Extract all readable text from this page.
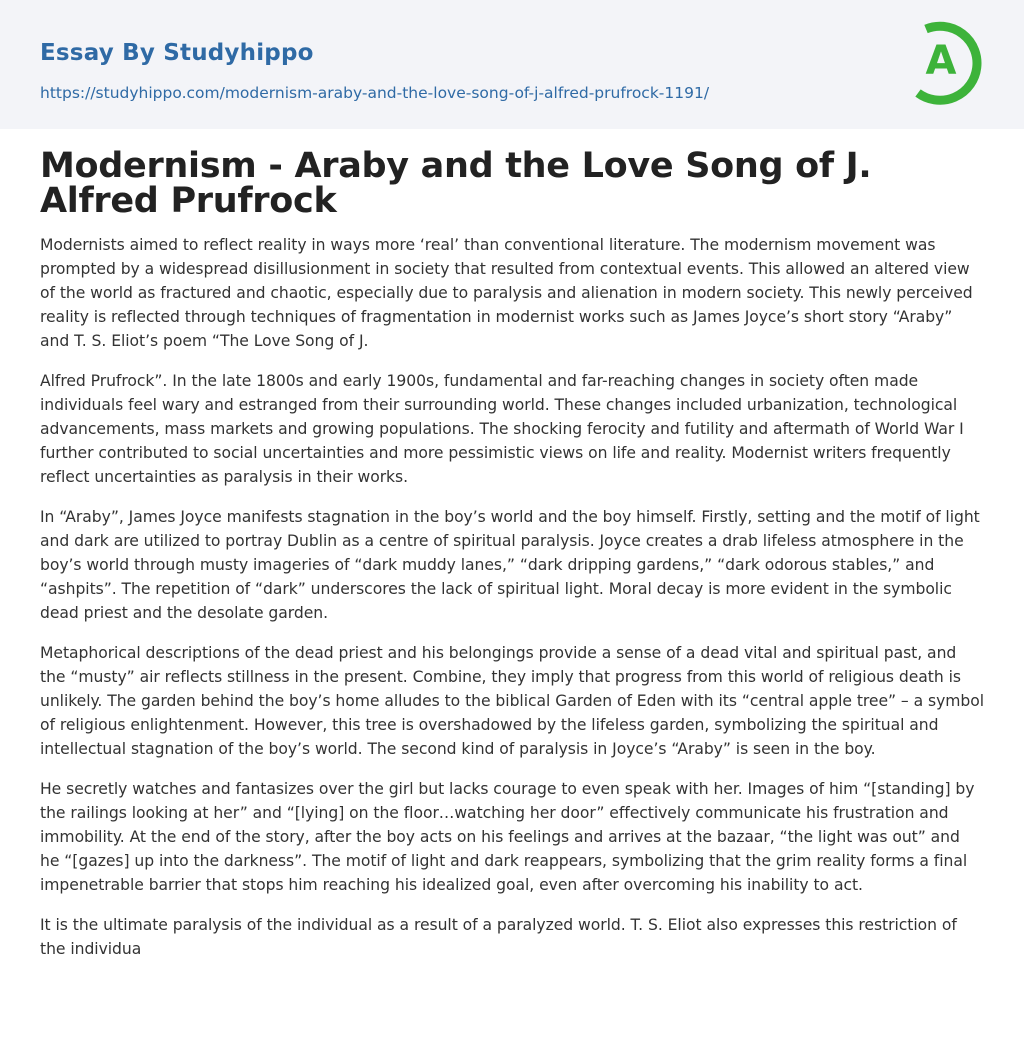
Essay By Studyhippo
https://studyhippo.com/modernism-araby-and-the-love-song-of-j-alfred-prufrock-1191/
A
Modernism - Araby and the Love Song of J. Alfred Prufrock

Modernists aimed to reflect reality in ways more ‘real’ than conventional literature. The modernism movement was prompted by a widespread disillusionment in society that resulted from contextual events. This allowed an altered view of the world as fractured and chaotic, especially due to paralysis and alienation in modern society. This newly perceived reality is reflected through techniques of fragmentation in modernist works such as James Joyce’s short story “Araby” and T. S. Eliot’s poem “The Love Song of J.

Alfred Prufrock”. In the late 1800s and early 1900s, fundamental and far-reaching changes in society often made individuals feel wary and estranged from their surrounding world. These changes included urbanization, technological advancements, mass markets and growing populations. The shocking ferocity and futility and aftermath of World War I further contributed to social uncertainties and more pessimistic views on life and reality. Modernist writers frequently reflect uncertainties as paralysis in their works.

In “Araby”, James Joyce manifests stagnation in the boy’s world and the boy himself. Firstly, setting and the motif of light and dark are utilized to portray Dublin as a centre of spiritual paralysis. Joyce creates a drab lifeless atmosphere in the boy’s world through musty imageries of “dark muddy lanes,” “dark dripping gardens,” “dark odorous stables,” and “ashpits”. The repetition of “dark” underscores the lack of spiritual light. Moral decay is more evident in the symbolic dead priest and the desolate garden.

Metaphorical descriptions of the dead priest and his belongings provide a sense of a dead vital and spiritual past, and the “musty” air reflects stillness in the present. Combine, they imply that progress from this world of religious death is unlikely. The garden behind the boy’s home alludes to the biblical Garden of Eden with its “central apple tree” – a symbol of religious enlightenment. However, this tree is overshadowed by the lifeless garden, symbolizing the spiritual and intellectual stagnation of the boy’s world. The second kind of paralysis in Joyce’s “Araby” is seen in the boy.

He secretly watches and fantasizes over the girl but lacks courage to even speak with her. Images of him “[standing] by the railings looking at her” and “[lying] on the floor…watching her door” effectively communicate his frustration and immobility. At the end of the story, after the boy acts on his feelings and arrives at the bazaar, “the light was out” and he “[gazes] up into the darkness”. The motif of light and dark reappears, symbolizing that the grim reality forms a final impenetrable barrier that stops him reaching his idealized goal, even after overcoming his inability to act.

It is the ultimate paralysis of the individual as a result of a paralyzed world. T. S. Eliot also expresses this restriction of the individua
